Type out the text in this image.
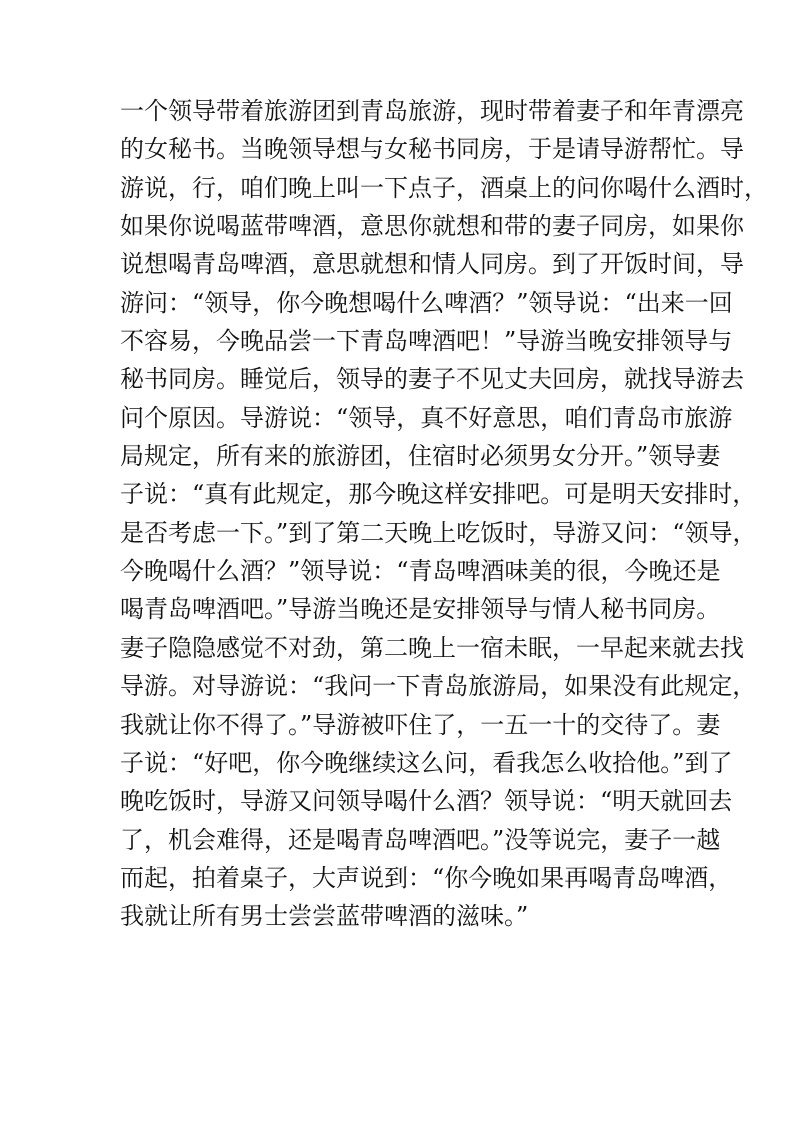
一个领导带着旅游团到青岛旅游，现时带着妻子和年青漂亮
的女秘书。当晚领导想与女秘书同房，于是请导游帮忙。导
游说，行，咱们晚上叫一下点子，酒桌上的问你喝什么酒时，
如果你说喝蓝带啤酒，意思你就想和带的妻子同房，如果你
说想喝青岛啤酒，意思就想和情人同房。到了开饭时间，导
游问：“领导，你今晚想喝什么啤酒？”领导说：“出来一回
不容易，今晚品尝一下青岛啤酒吧！”导游当晚安排领导与
秘书同房。睡觉后，领导的妻子不见丈夫回房，就找导游去
问个原因。导游说：“领导，真不好意思，咱们青岛市旅游
局规定，所有来的旅游团，住宿时必须男女分开。”领导妻
子说：“真有此规定，那今晚这样安排吧。可是明天安排时，
是否考虑一下。”到了第二天晚上吃饭时，导游又问：“领导，
今晚喝什么酒？”领导说：“青岛啤酒味美的很，今晚还是
喝青岛啤酒吧。”导游当晚还是安排领导与情人秘书同房。
妻子隐隐感觉不对劲，第二晚上一宿未眠，一早起来就去找
导游。对导游说：“我问一下青岛旅游局，如果没有此规定，
我就让你不得了。”导游被吓住了，一五一十的交待了。妻
子说：“好吧，你今晚继续这么问，看我怎么收拾他。”到了
晚吃饭时，导游又问领导喝什么酒？领导说：“明天就回去
了，机会难得，还是喝青岛啤酒吧。”没等说完，妻子一越
而起，拍着桌子，大声说到：“你今晚如果再喝青岛啤酒，
我就让所有男士尝尝蓝带啤酒的滋味。”
